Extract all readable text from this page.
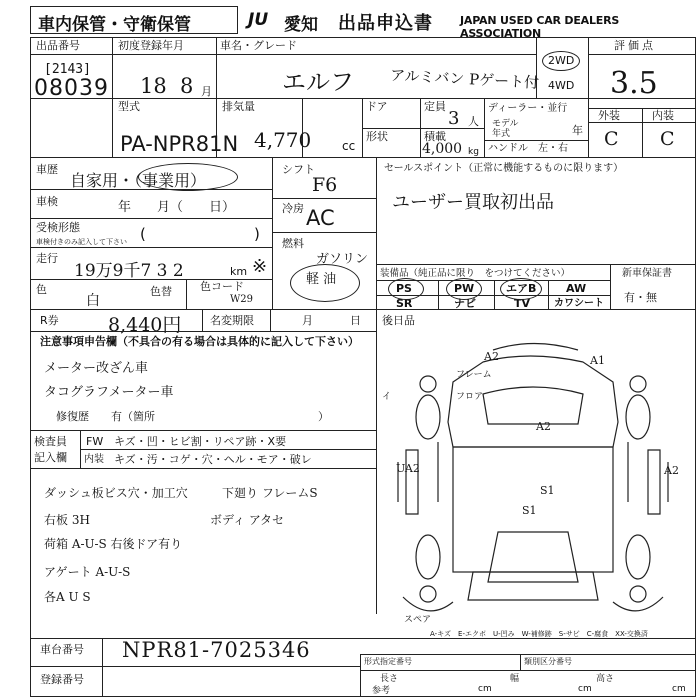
車内保管・守衛保管	JU 愛知 出品申込書 JAPAN USED CAR DEALERS ASSOCIATION
出品番号
[2143]
08039
初度登録年月
18 8 月
車名・グレード
エルフ アルミバン Pゲート付
2WD
4WD
評価点
3.5
型式
PA-NPR81N
排気量
4,770	cc
ドア
形状
定員
3 人
積載
4,000 kg
ディーラー・並行
モデル
年式	年
ハンドル　左・右
外装	内装
C C
車歴
自家用・（事業用）
車検	年　　月（　　日）
受検形態
車検付きのみ記入して下さい (	)
走行
19万9千7 3 2	km ※
色
白
色替	色コード
W29
シフト
F6
冷房 AC
燃料
ガソリン
軽 油
セールスポイント（正常に機能するものに限ります）
ユーザー買取初出品
装備品（純正品に限り　をつけてください）
PS	PW	エアB	AW
SR	ナビ	TV カワシート
新車保証書
有・無
R券	8,440円	名変期限	月	日 後日品
注意事項申告欄（不具合の有る場合は具体的に記入して下さい）
メーター改ざん車
タコグラフメーター車
修復歴　　有（箇所	）
検査員
記入欄
FW キズ・凹・ヒビ割・リペア跡・X要
内装 キズ・汚・コゲ・穴・ヘル・モア・破レ
ダッシュ板ビス穴・加工穴	下廻り フレームS
右板 3H	ボディ アタセ
荷箱 A-U-S 右後ドア有り
アゲート A-U-S
各A U S
A2	A1
A2
UA2	A2
S1
S1
フレーム
フロア
スペア
イ
A-キズ　E-エクボ　U-凹み　W-補修跡　S-サビ　C-腐食　XX-交換済
車台番号 NPR81-7025346
登録番号
形式指定番号	類別区分番号
長さ
cm
幅
cm
高さ
cm
参考
